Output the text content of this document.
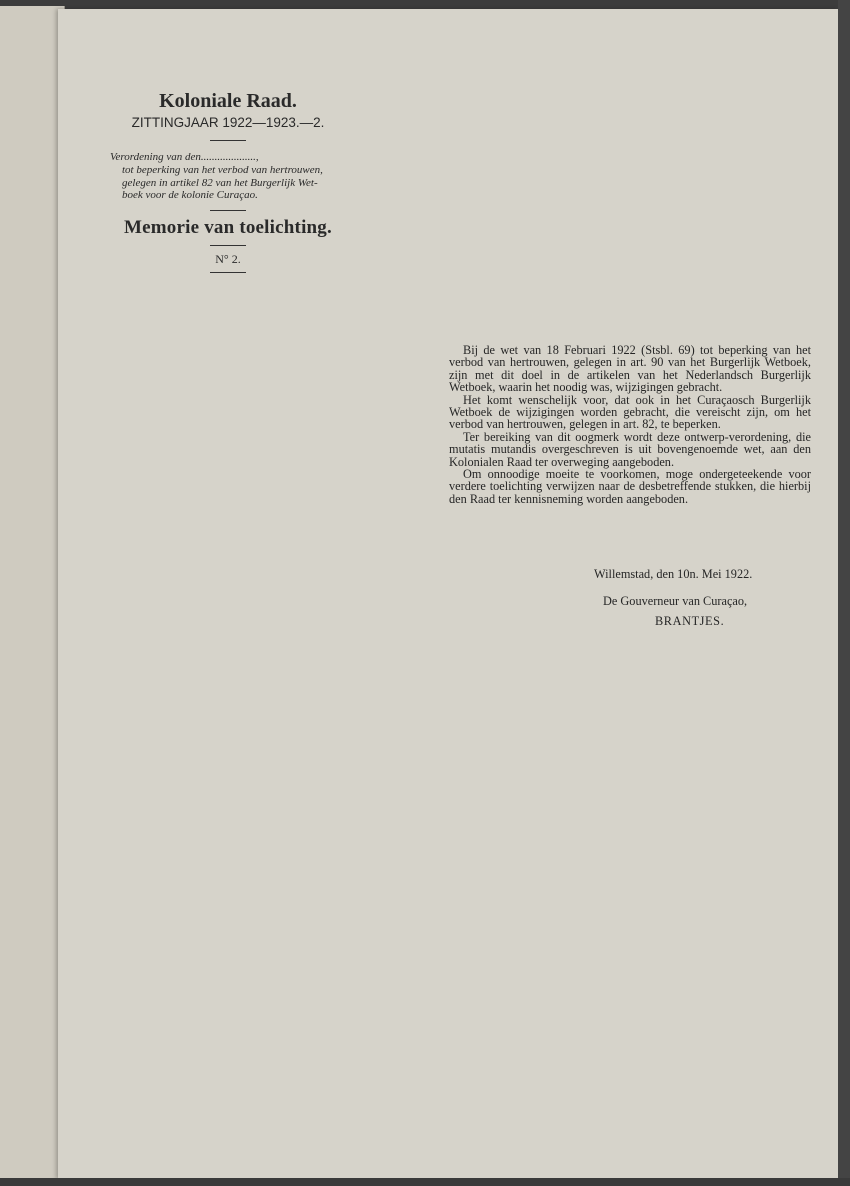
Koloniale Raad.
ZITTINGJAAR 1922—1923.—2.
Verordening van den....................,
tot beperking van het verbod van hertrouwen,
gelegen in artikel 82 van het Burgerlijk Wet-
boek voor de kolonie Curaçao.
Memorie van toelichting.
N° 2.

Bij de wet van 18 Februari 1922 (Stsbl. 69) tot beperking van het verbod van hertrouwen, gelegen in art. 90 van het Burgerlijk Wetboek, zijn met dit doel in de artikelen van het Nederlandsch Burgerlijk Wetboek, waarin het noodig was, wijzigingen gebracht.

Het komt wenschelijk voor, dat ook in het Curaçaosch Burgerlijk Wetboek de wijzigingen worden gebracht, die vereischt zijn, om het verbod van hertrouwen, gelegen in art. 82, te beperken.

Ter bereiking van dit oogmerk wordt deze ontwerp-verordening, die mutatis mutandis overgeschreven is uit bovengenoemde wet, aan den Kolonialen Raad ter overweging aangeboden.

Om onnoodige moeite te voorkomen, moge ondergeteekende voor verdere toelichting verwijzen naar de desbetreffende stukken, die hierbij den Raad ter kennisneming worden aangeboden.

Willemstad, den 10n. Mei 1922.
De Gouverneur van Curaçao,
BRANTJES.
